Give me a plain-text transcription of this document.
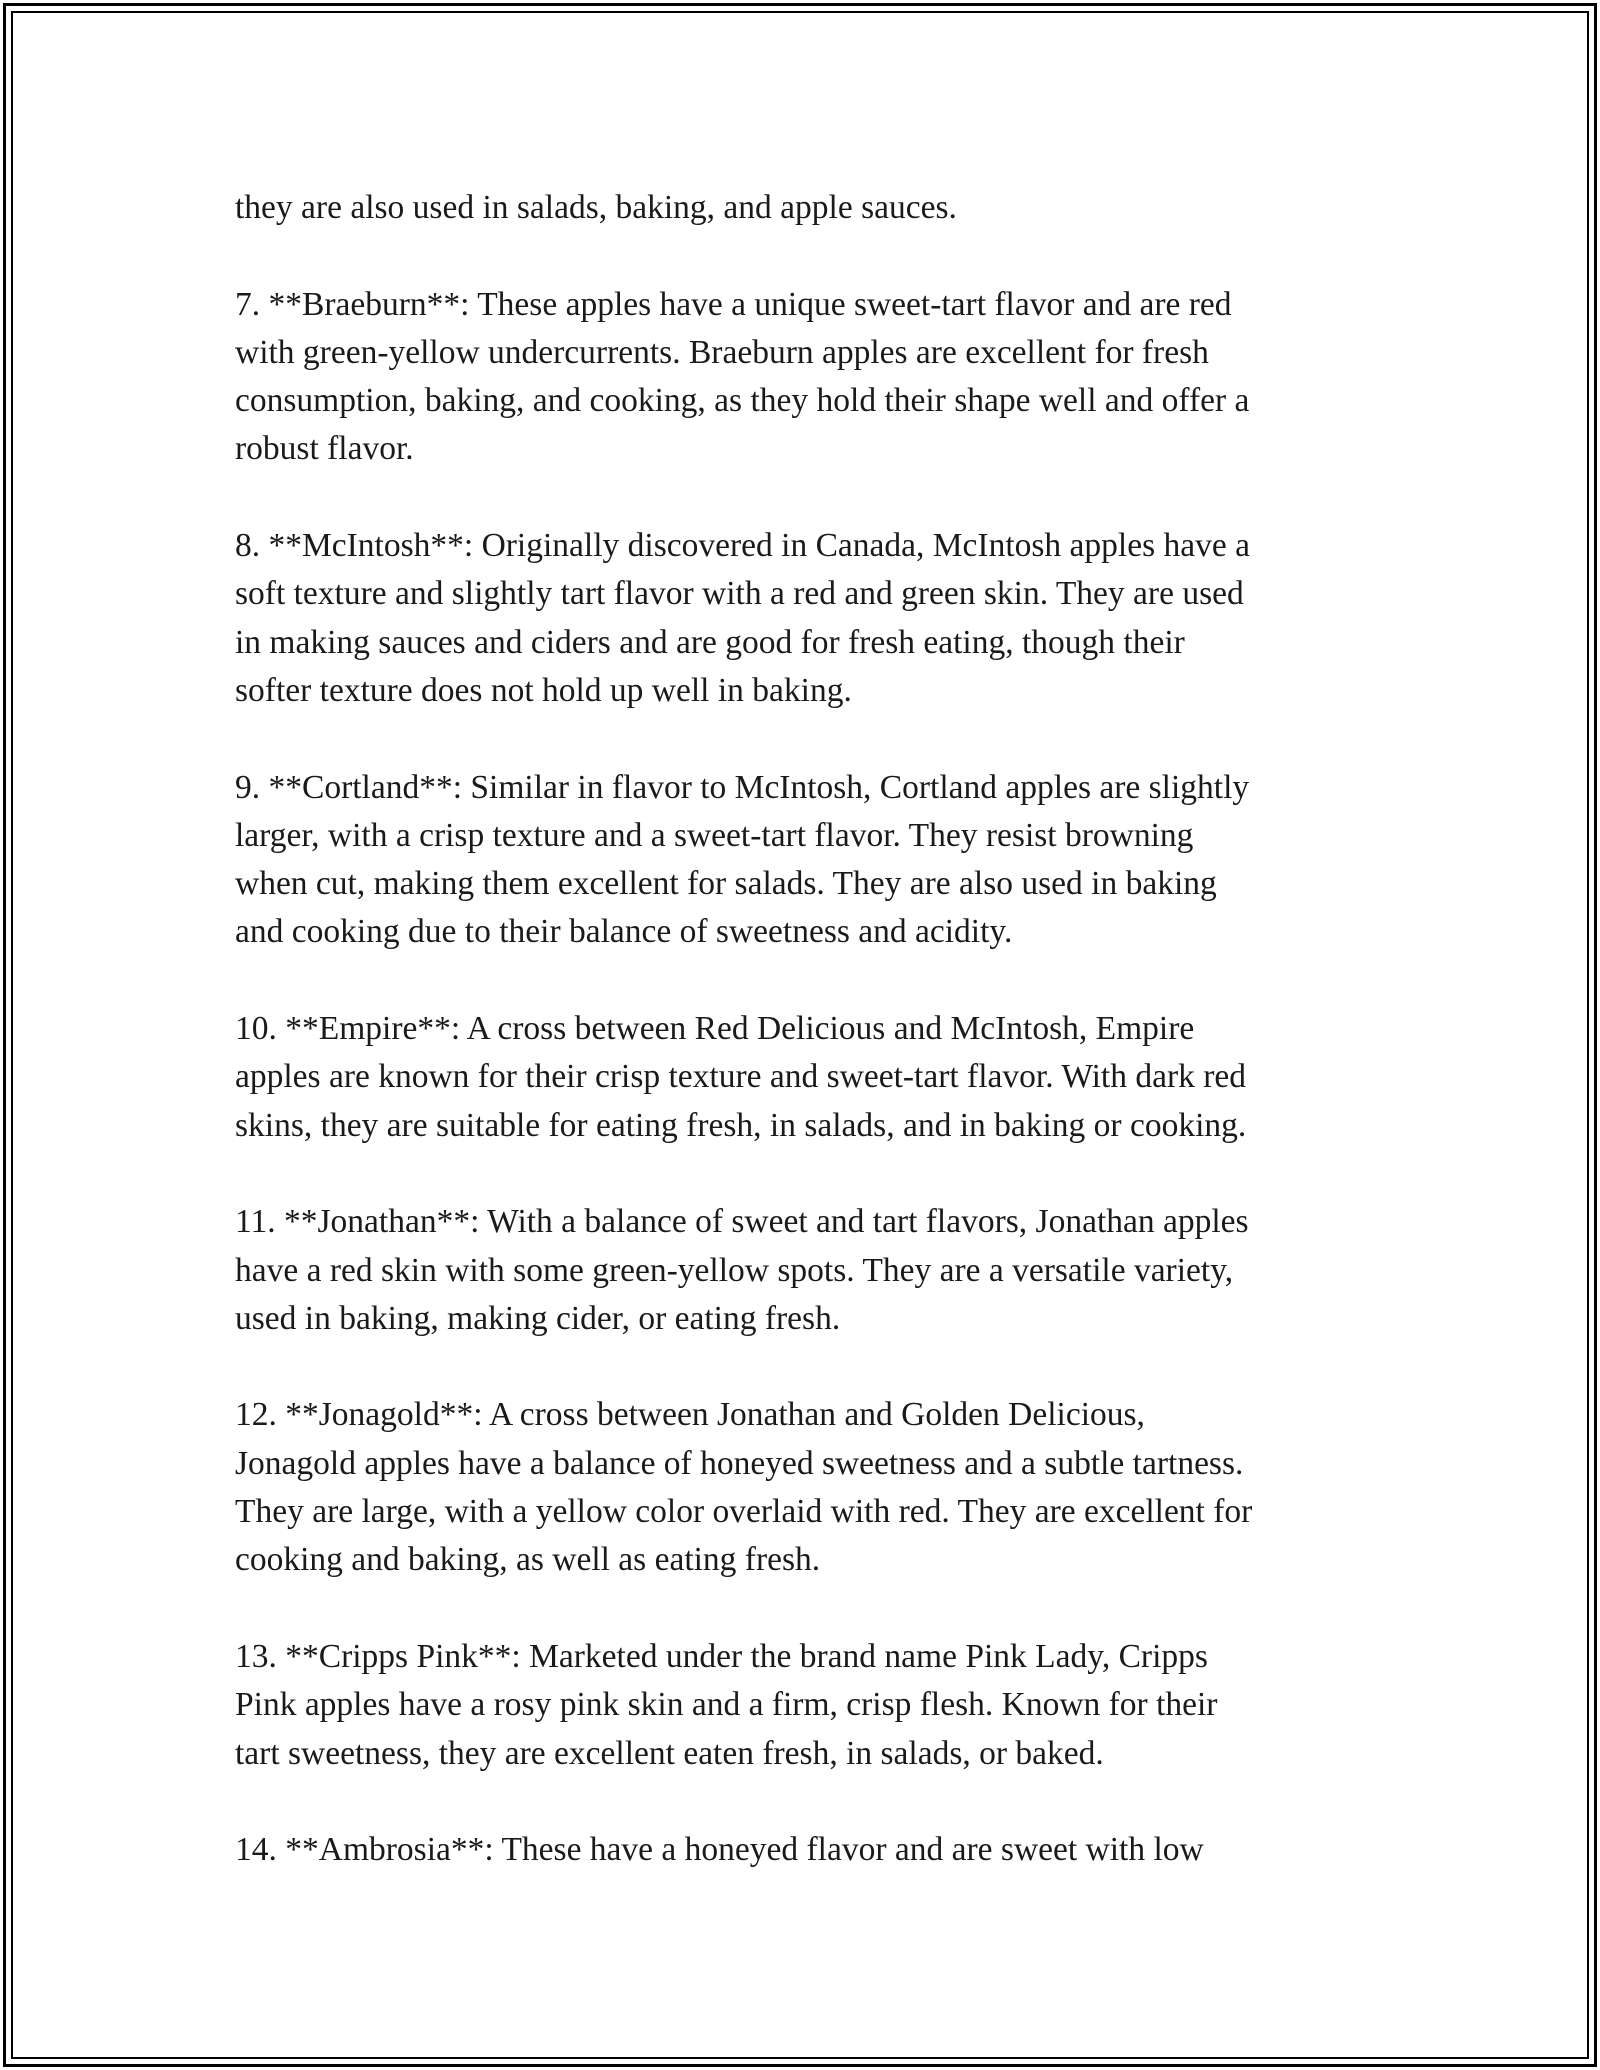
they are also used in salads, baking, and apple sauces.

7. **Braeburn**: These apples have a unique sweet-tart flavor and are red
with green-yellow undercurrents. Braeburn apples are excellent for fresh
consumption, baking, and cooking, as they hold their shape well and offer a
robust flavor.

8. **McIntosh**: Originally discovered in Canada, McIntosh apples have a
soft texture and slightly tart flavor with a red and green skin. They are used
in making sauces and ciders and are good for fresh eating, though their
softer texture does not hold up well in baking.

9. **Cortland**: Similar in flavor to McIntosh, Cortland apples are slightly
larger, with a crisp texture and a sweet-tart flavor. They resist browning
when cut, making them excellent for salads. They are also used in baking
and cooking due to their balance of sweetness and acidity.

10. **Empire**: A cross between Red Delicious and McIntosh, Empire
apples are known for their crisp texture and sweet-tart flavor. With dark red
skins, they are suitable for eating fresh, in salads, and in baking or cooking.

11. **Jonathan**: With a balance of sweet and tart flavors, Jonathan apples
have a red skin with some green-yellow spots. They are a versatile variety,
used in baking, making cider, or eating fresh.

12. **Jonagold**: A cross between Jonathan and Golden Delicious,
Jonagold apples have a balance of honeyed sweetness and a subtle tartness.
They are large, with a yellow color overlaid with red. They are excellent for
cooking and baking, as well as eating fresh.

13. **Cripps Pink**: Marketed under the brand name Pink Lady, Cripps
Pink apples have a rosy pink skin and a firm, crisp flesh. Known for their
tart sweetness, they are excellent eaten fresh, in salads, or baked.

14. **Ambrosia**: These have a honeyed flavor and are sweet with low
